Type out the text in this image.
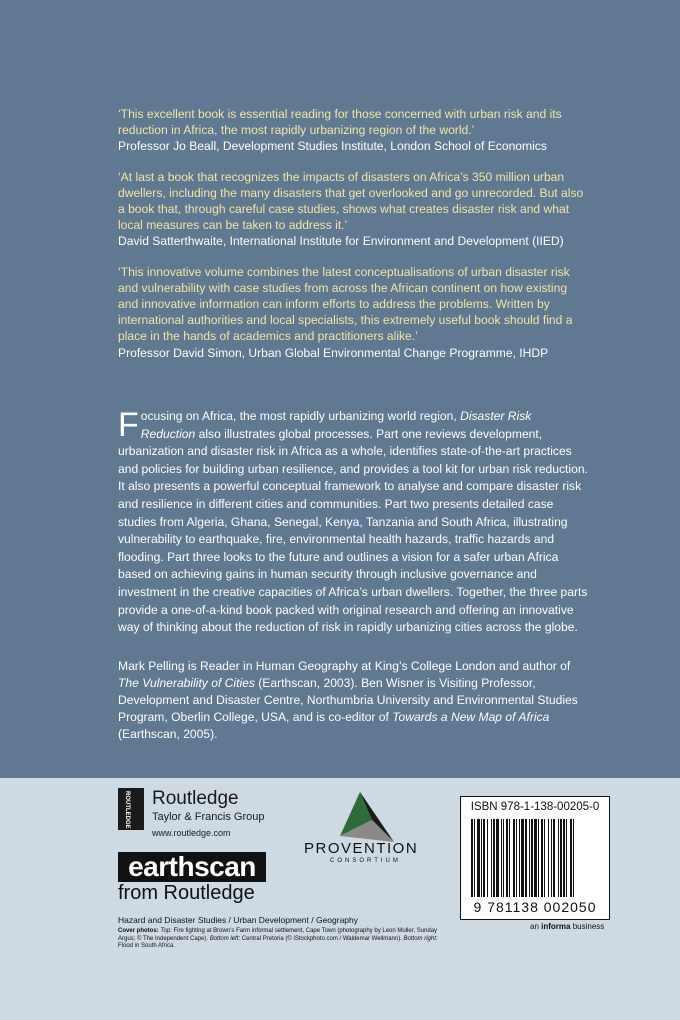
‘This excellent book is essential reading for those concerned with urban risk and its reduction in Africa, the most rapidly urbanizing region of the world.’
Professor Jo Beall, Development Studies Institute, London School of Economics

‘At last a book that recognizes the impacts of disasters on Africa’s 350 million urban dwellers, including the many disasters that get overlooked and go unrecorded. But also a book that, through careful case studies, shows what creates disaster risk and what local measures can be taken to address it.’
David Satterthwaite, International Institute for Environment and Development (IIED)

‘This innovative volume combines the latest conceptualisations of urban disaster risk and vulnerability with case studies from across the African continent on how existing and innovative information can inform efforts to address the problems. Written by international authorities and local specialists, this extremely useful book should find a place in the hands of academics and practitioners alike.’
Professor David Simon, Urban Global Environmental Change Programme, IHDP

Focusing on Africa, the most rapidly urbanizing world region, Disaster Risk Reduction also illustrates global processes. Part one reviews development, urbanization and disaster risk in Africa as a whole, identifies state-of-the-art practices and policies for building urban resilience, and provides a tool kit for urban risk reduction. It also presents a powerful conceptual framework to analyse and compare disaster risk and resilience in different cities and communities. Part two presents detailed case studies from Algeria, Ghana, Senegal, Kenya, Tanzania and South Africa, illustrating vulnerability to earthquake, fire, environmental health hazards, traffic hazards and flooding. Part three looks to the future and outlines a vision for a safer urban Africa based on achieving gains in human security through inclusive governance and investment in the creative capacities of Africa’s urban dwellers. Together, the three parts provide a one-of-a-kind book packed with original research and offering an innovative way of thinking about the reduction of risk in rapidly urbanizing cities across the globe.
Mark Pelling is Reader in Human Geography at King’s College London and author of The Vulnerability of Cities (Earthscan, 2003). Ben Wisner is Visiting Professor, Development and Disaster Centre, Northumbria University and Environmental Studies Program, Oberlin College, USA, and is co-editor of Towards a New Map of Africa (Earthscan, 2005).
ROUTLEDGE Routledge
Taylor & Francis Group
www.routledge.com
earthscan
from Routledge
PROVENTION
CONSORTIUM
ISBN 978-1-138-00205-0
9 781138 002050
an informa business
Hazard and Disaster Studies / Urban Development / Geography
Cover photos: Top: Fire fighting at Brown’s Farm informal settlement, Cape Town (photography by Leon Muller, Sunday Argus; © The Independent Cape). Bottom left: Central Pretoria (© iStockphoto.com / Waldemar Wellmann). Bottom right: Flood in South Africa.
